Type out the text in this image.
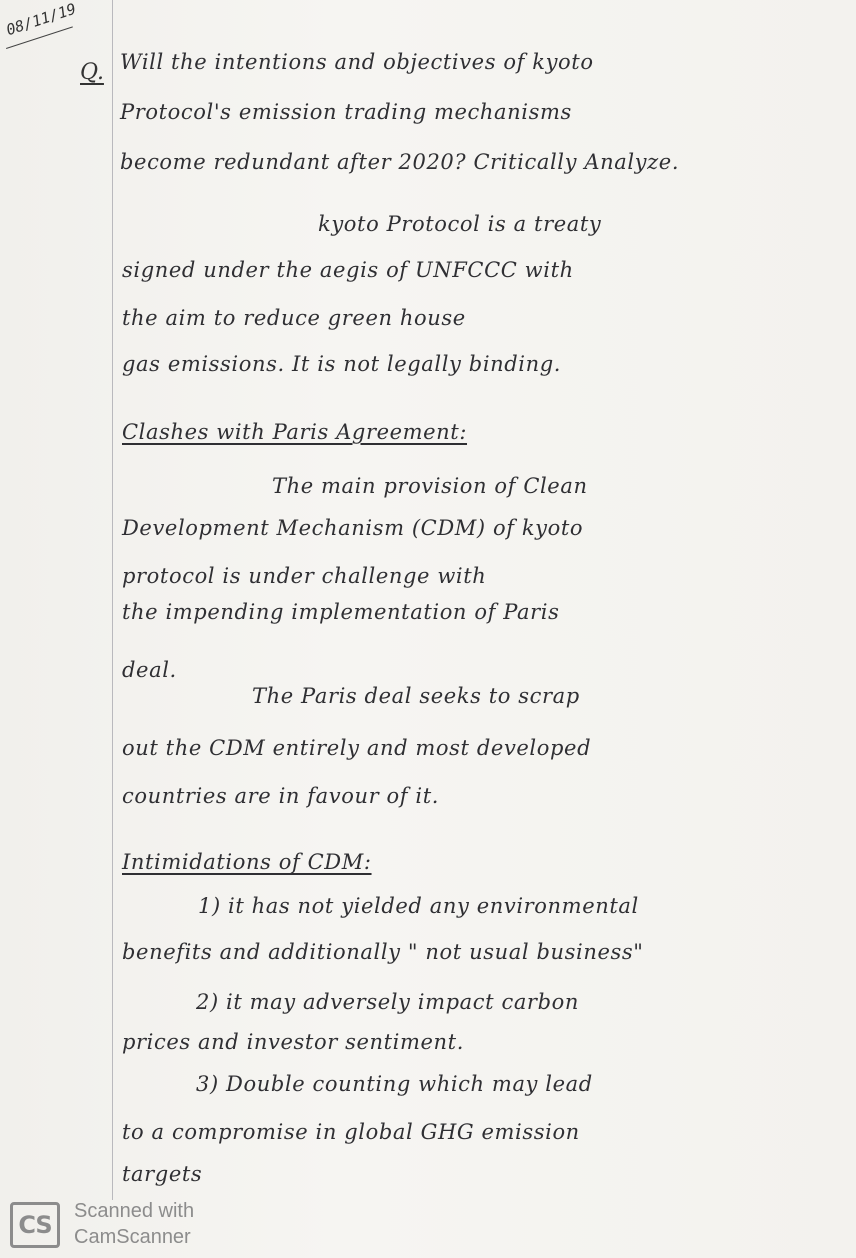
08/11/19
Q. Will the intentions and objectives of kyoto
Protocol's emission trading mechanisms
become redundant after 2020? Critically Analyze.
kyoto Protocol is a treaty
signed under the aegis of UNFCCC with
the aim to reduce green house
gas emissions. It is not legally binding.
Clashes with Paris Agreement:
The main provision of Clean
Development Mechanism (CDM) of kyoto
protocol is under challenge with
the impending implementation of Paris
deal.
The Paris deal seeks to scrap
out the CDM entirely and most developed
countries are in favour of it.
Intimidations of CDM:
1) it has not yielded any environmental
benefits and additionally " not usual business"
2) it may adversely impact carbon
prices and investor sentiment.
3) Double counting which may lead
to a compromise in global GHG emission
targets
CS	Scanned with
CamScanner
